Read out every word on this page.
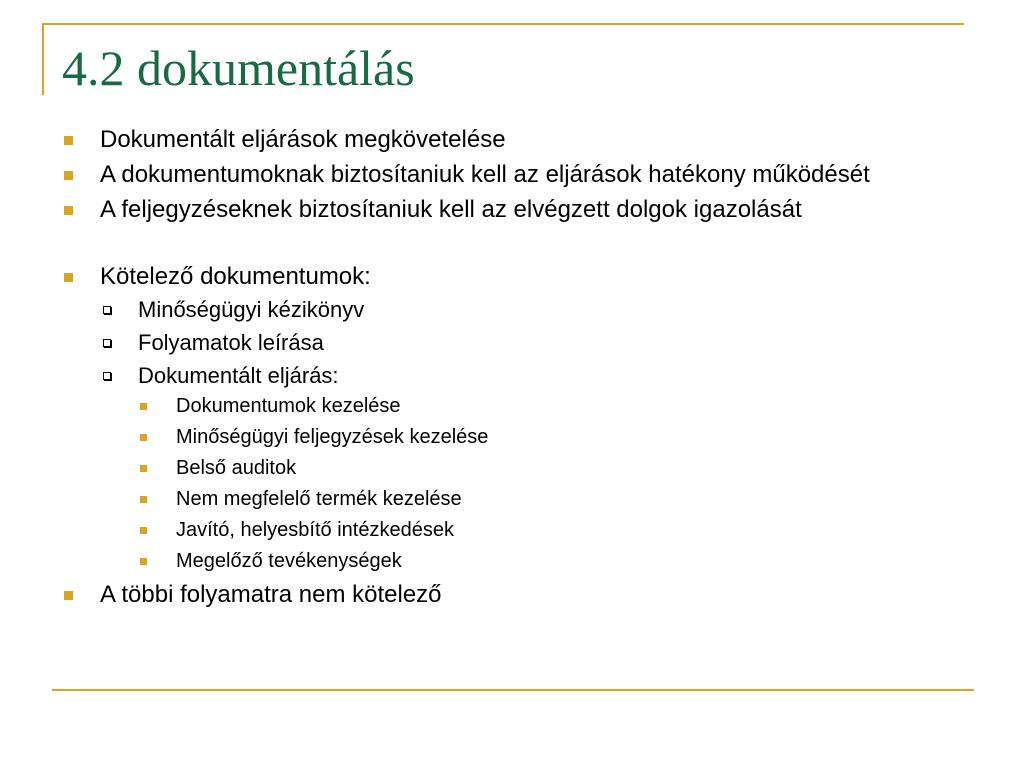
4.2 dokumentálás
Dokumentált eljárások megkövetelése
A dokumentumoknak biztosítaniuk kell az eljárások hatékony működését
A feljegyzéseknek biztosítaniuk kell az elvégzett dolgok igazolását
Kötelező dokumentumok:
Minőségügyi kézikönyv
Folyamatok leírása
Dokumentált eljárás:
Dokumentumok kezelése
Minőségügyi feljegyzések kezelése
Belső auditok
Nem megfelelő termék kezelése
Javító, helyesbítő intézkedések
Megelőző tevékenységek
A többi folyamatra nem kötelező
